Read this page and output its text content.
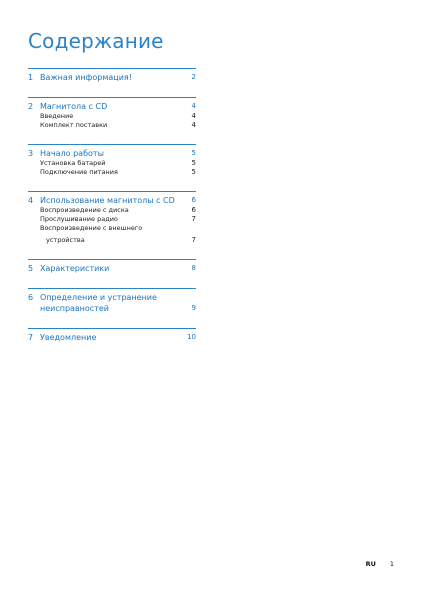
Содержание
1 Важная информация!	2
2 Магнитола с CD	4
Введение	4
Комплект поставки	4
3 Начало работы	5
Установка батарей	5
Подключение питания	5
4 Использование магнитолы с CD	6
Воспроизведение с диска	6
Прослушивание радио	7
Воспроизведение с внешнего
устройства	7
5 Характеристики	8
6 Определение и устранение
неисправностей	9
7 Уведомление	10
RU 1
